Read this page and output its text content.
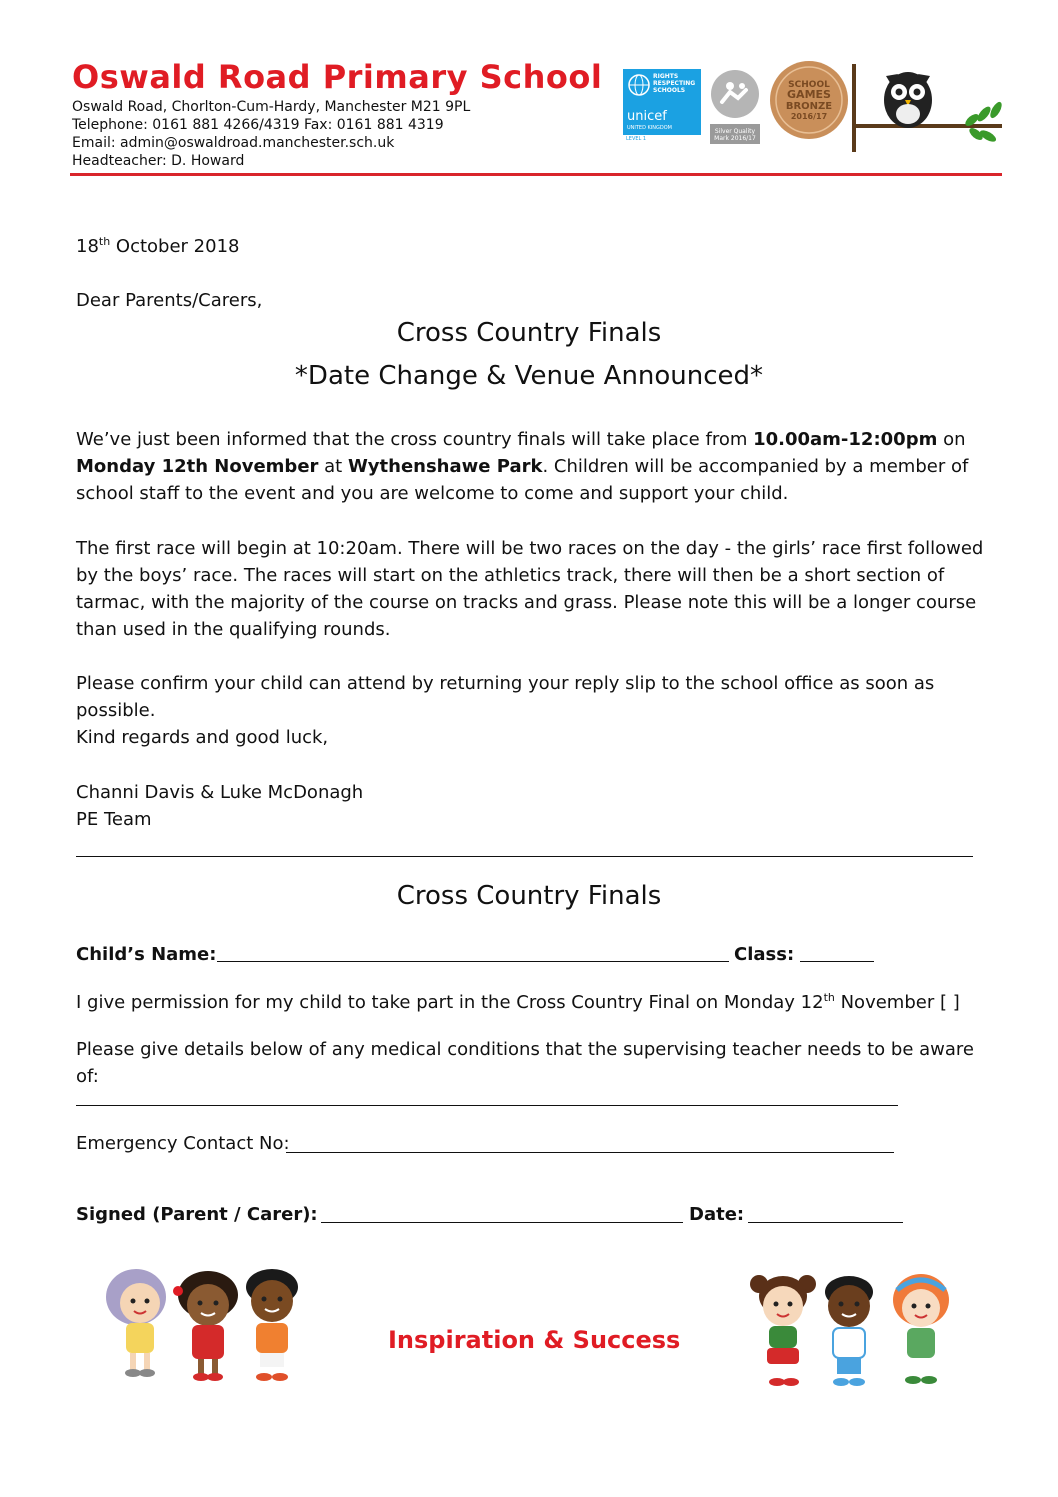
Oswald Road Primary School
Oswald Road, Chorlton-Cum-Hardy, Manchester M21 9PL
Telephone: 0161 881 4266/4319 Fax: 0161 881 4319
Email: admin@oswaldroad.manchester.sch.uk
Headteacher: D. Howard
RIGHTS RESPECTING SCHOOLS
unicef
UNITED KINGDOM
LEVEL 1
Silver Quality Mark 2016/17
SCHOOL
GAMES
BRONZE
2016/17
18th October 2018
Dear Parents/Carers,
Cross Country Finals
*Date Change & Venue Announced*
We’ve just been informed that the cross country finals will take place from 10.00am-12:00pm on Monday 12th November at Wythenshawe Park. Children will be accompanied by a member of school staff to the event and you are welcome to come and support your child.
The first race will begin at 10:20am. There will be two races on the day - the girls’ race first followed by the boys’ race. The races will start on the athletics track, there will then be a short section of tarmac, with the majority of the course on tracks and grass. Please note this will be a longer course than used in the qualifying rounds.
Please confirm your child can attend by returning your reply slip to the school office as soon as possible.
Kind regards and good luck,
Channi Davis & Luke McDonagh
PE Team
Cross Country Finals
Child’s Name:	Class:
I give permission for my child to take part in the Cross Country Final on Monday 12th November [ ]
Please give details below of any medical conditions that the supervising teacher needs to be aware of:
Emergency Contact No:
Signed (Parent / Carer):	Date:
Inspiration & Success
